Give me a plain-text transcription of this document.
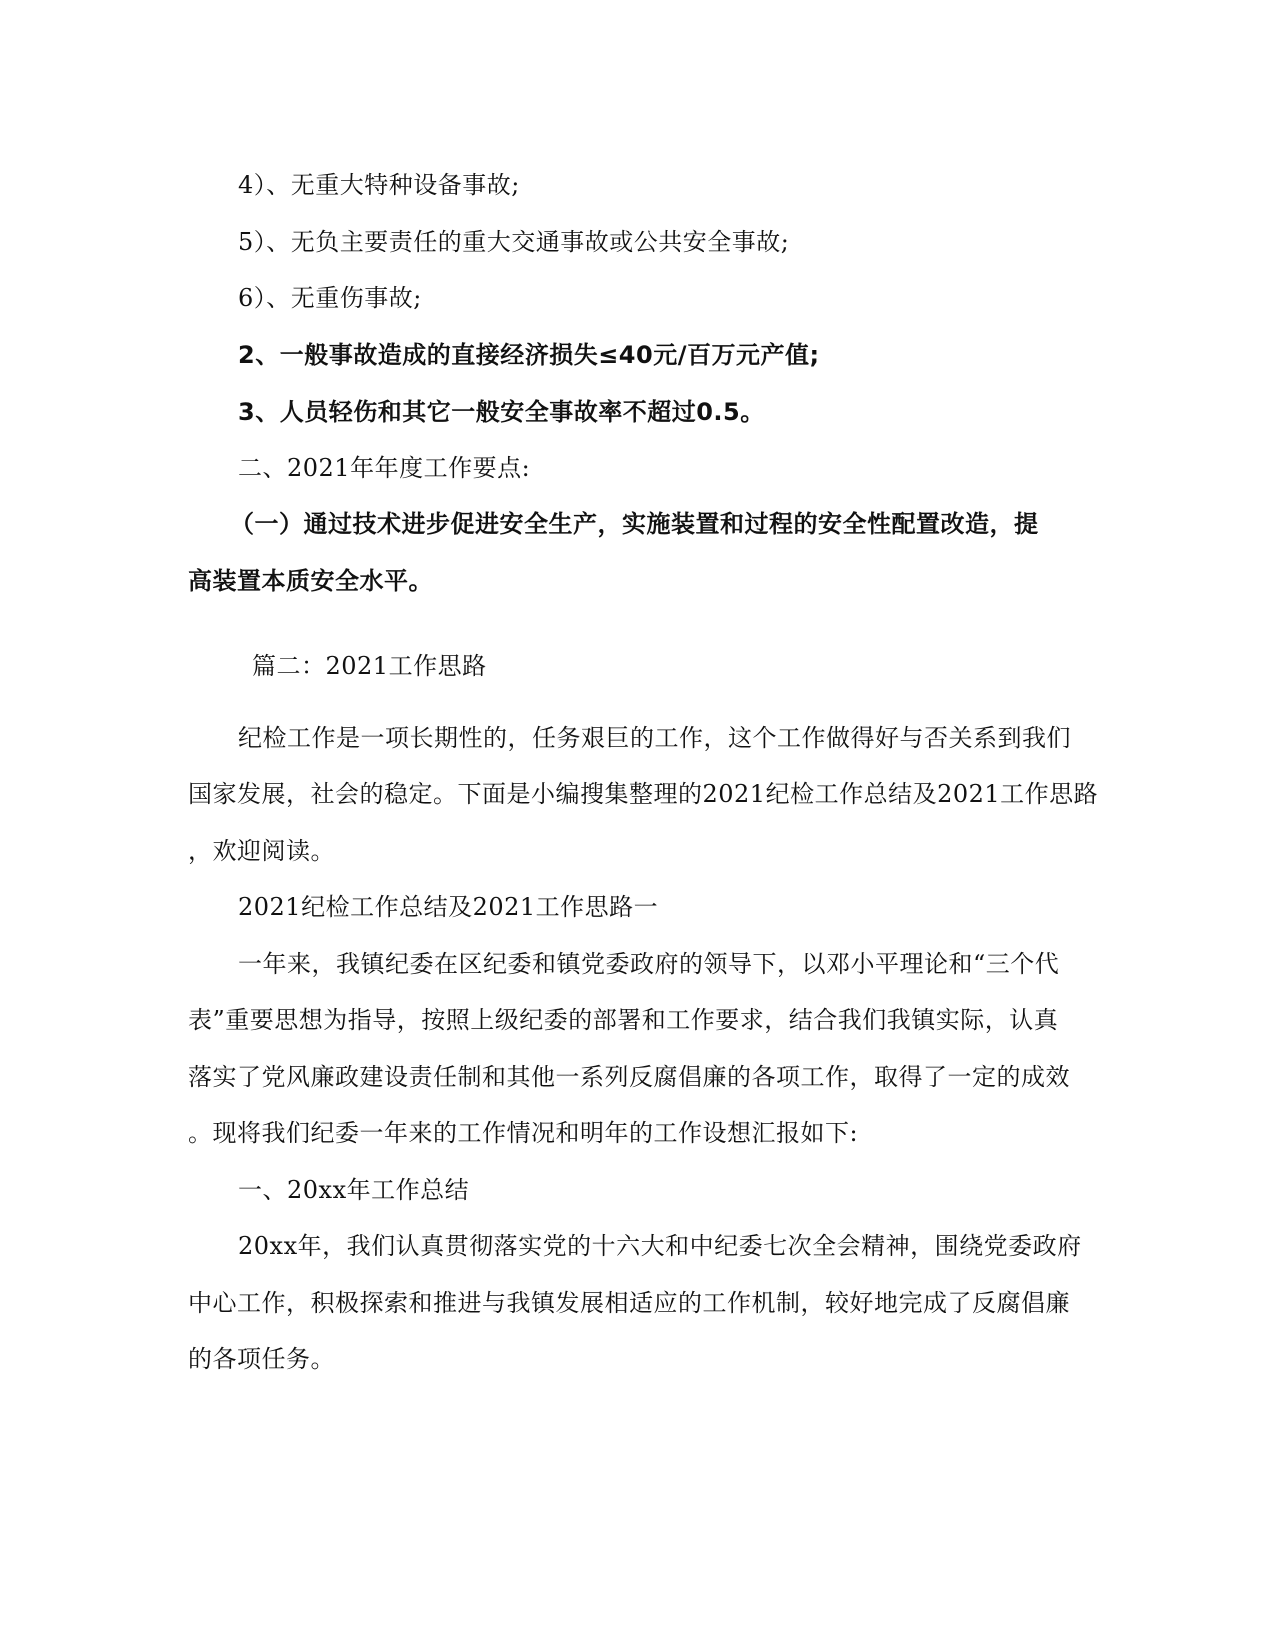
4）、无重大特种设备事故;
5）、无负主要责任的重大交通事故或公共安全事故;
6）、无重伤事故;
2、一般事故造成的直接经济损失≤40元/百万元产值;
3、人员轻伤和其它一般安全事故率不超过0.5。
二、2021年年度工作要点:
（一）通过技术进步促进安全生产，实施装置和过程的安全性配置改造，提
高装置本质安全水平。
篇二：2021工作思路
纪检工作是一项长期性的，任务艰巨的工作，这个工作做得好与否关系到我们
国家发展，社会的稳定。下面是小编搜集整理的2021纪检工作总结及2021工作思路
，欢迎阅读。
2021纪检工作总结及2021工作思路一
一年来，我镇纪委在区纪委和镇党委政府的领导下，以邓小平理论和“三个代
表”重要思想为指导，按照上级纪委的部署和工作要求，结合我们我镇实际，认真
落实了党风廉政建设责任制和其他一系列反腐倡廉的各项工作，取得了一定的成效
。现将我们纪委一年来的工作情况和明年的工作设想汇报如下:
一、20xx年工作总结
20xx年，我们认真贯彻落实党的十六大和中纪委七次全会精神，围绕党委政府
中心工作，积极探索和推进与我镇发展相适应的工作机制，较好地完成了反腐倡廉
的各项任务。
